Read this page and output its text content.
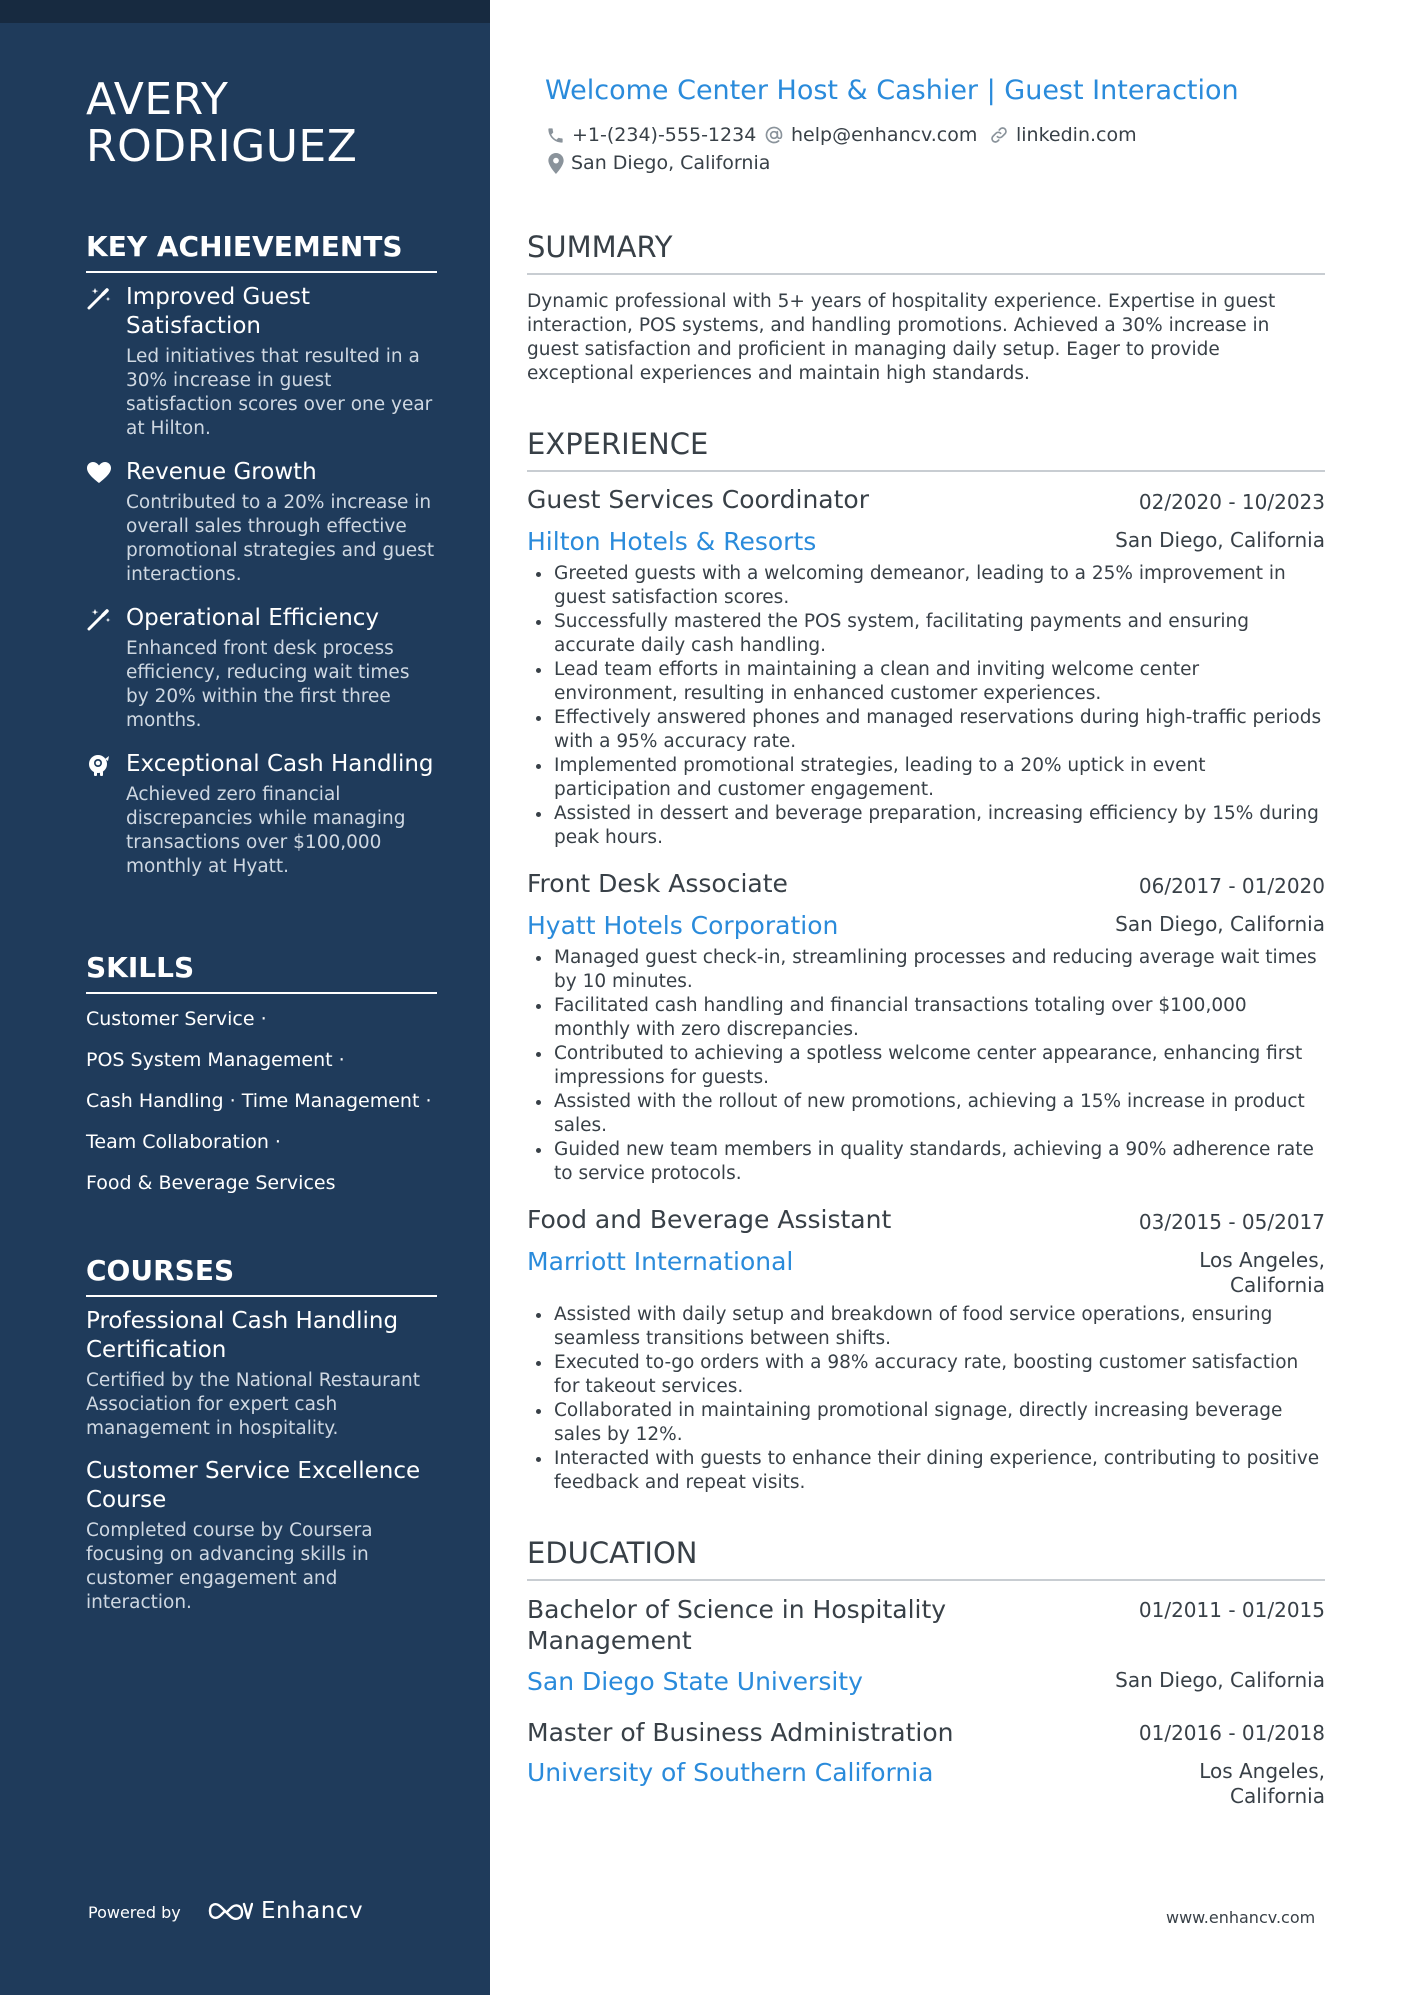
AVERY
RODRIGUEZ
KEY ACHIEVEMENTS
Improved Guest Satisfaction
Led initiatives that resulted in a 30% increase in guest satisfaction scores over one year at Hilton.
Revenue Growth
Contributed to a 20% increase in overall sales through effective promotional strategies and guest interactions.
Operational Efficiency
Enhanced front desk process efficiency, reducing wait times by 20% within the first three months.
Exceptional Cash Handling
Achieved zero financial discrepancies while managing transactions over $100,000 monthly at Hyatt.
SKILLS
Customer Service ·
POS System Management ·
Cash Handling · Time Management ·
Team Collaboration ·
Food & Beverage Services
COURSES
Professional Cash Handling Certification
Certified by the National Restaurant Association for expert cash management in hospitality.
Customer Service Excellence Course
Completed course by Coursera focusing on advancing skills in customer engagement and interaction.
Powered by	Enhancv
Welcome Center Host & Cashier | Guest Interaction
+1-(234)-555-1234 help@enhancv.com linkedin.com
San Diego, California
SUMMARY
Dynamic professional with 5+ years of hospitality experience. Expertise in guest interaction, POS systems, and handling promotions. Achieved a 30% increase in guest satisfaction and proficient in managing daily setup. Eager to provide exceptional experiences and maintain high standards.
EXPERIENCE
Guest Services Coordinator	02/2020 - 10/2023
Hilton Hotels & Resorts	San Diego, California
Greeted guests with a welcoming demeanor, leading to a 25% improvement in guest satisfaction scores.
Successfully mastered the POS system, facilitating payments and ensuring accurate daily cash handling.
Lead team efforts in maintaining a clean and inviting welcome center environment, resulting in enhanced customer experiences.
Effectively answered phones and managed reservations during high-traffic periods with a 95% accuracy rate.
Implemented promotional strategies, leading to a 20% uptick in event participation and customer engagement.
Assisted in dessert and beverage preparation, increasing efficiency by 15% during peak hours.
Front Desk Associate	06/2017 - 01/2020
Hyatt Hotels Corporation	San Diego, California
Managed guest check-in, streamlining processes and reducing average wait times by 10 minutes.
Facilitated cash handling and financial transactions totaling over $100,000 monthly with zero discrepancies.
Contributed to achieving a spotless welcome center appearance, enhancing first impressions for guests.
Assisted with the rollout of new promotions, achieving a 15% increase in product sales.
Guided new team members in quality standards, achieving a 90% adherence rate to service protocols.
Food and Beverage Assistant	03/2015 - 05/2017
Marriott International	Los Angeles,
California
Assisted with daily setup and breakdown of food service operations, ensuring seamless transitions between shifts.
Executed to-go orders with a 98% accuracy rate, boosting customer satisfaction for takeout services.
Collaborated in maintaining promotional signage, directly increasing beverage sales by 12%.
Interacted with guests to enhance their dining experience, contributing to positive feedback and repeat visits.
EDUCATION
Bachelor of Science in Hospitality Management
01/2011 - 01/2015
San Diego State University	San Diego, California
Master of Business Administration	01/2016 - 01/2018
University of Southern California	Los Angeles,
California
www.enhancv.com
